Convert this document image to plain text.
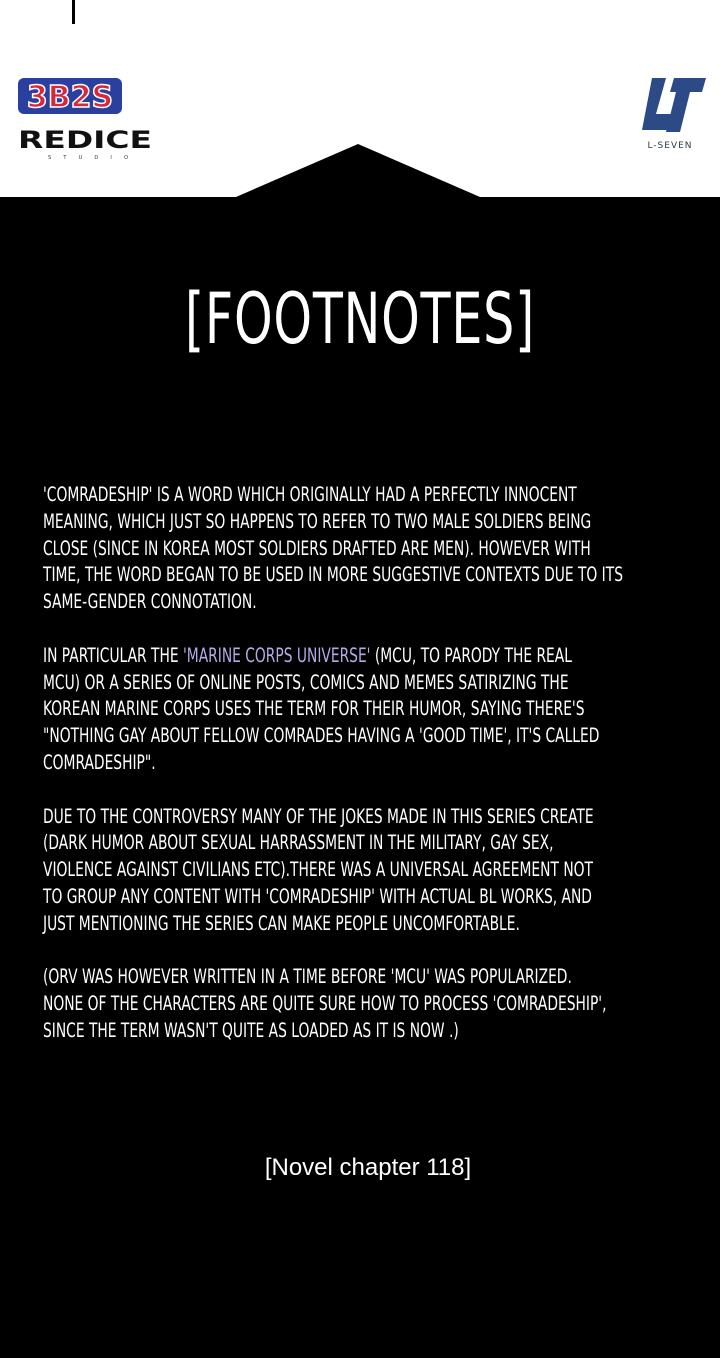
3B2S
REDICE
STUDIO
L-SEVEN
[FOOTNOTES]
'COMRADESHIP' IS A WORD WHICH ORIGINALLY HAD A PERFECTLY INNOCENT
MEANING, WHICH JUST SO HAPPENS TO REFER TO TWO MALE SOLDIERS BEING
CLOSE (SINCE IN KOREA MOST SOLDIERS DRAFTED ARE MEN). HOWEVER WITH
TIME, THE WORD BEGAN TO BE USED IN MORE SUGGESTIVE CONTEXTS DUE TO ITS
SAME-GENDER CONNOTATION.
IN PARTICULAR THE 'MARINE CORPS UNIVERSE' (MCU, TO PARODY THE REAL
MCU) OR A SERIES OF ONLINE POSTS, COMICS AND MEMES SATIRIZING THE
KOREAN MARINE CORPS USES THE TERM FOR THEIR HUMOR, SAYING THERE'S
"NOTHING GAY ABOUT FELLOW COMRADES HAVING A 'GOOD TIME', IT'S CALLED
COMRADESHIP".
DUE TO THE CONTROVERSY MANY OF THE JOKES MADE IN THIS SERIES CREATE
(DARK HUMOR ABOUT SEXUAL HARRASSMENT IN THE MILITARY, GAY SEX,
VIOLENCE AGAINST CIVILIANS ETC).THERE WAS A UNIVERSAL AGREEMENT NOT
TO GROUP ANY CONTENT WITH 'COMRADESHIP' WITH ACTUAL BL WORKS, AND
JUST MENTIONING THE SERIES CAN MAKE PEOPLE UNCOMFORTABLE.
(ORV WAS HOWEVER WRITTEN IN A TIME BEFORE 'MCU' WAS POPULARIZED.
NONE OF THE CHARACTERS ARE QUITE SURE HOW TO PROCESS 'COMRADESHIP',
SINCE THE TERM WASN'T QUITE AS LOADED AS IT IS NOW .)
[Novel chapter 118]
